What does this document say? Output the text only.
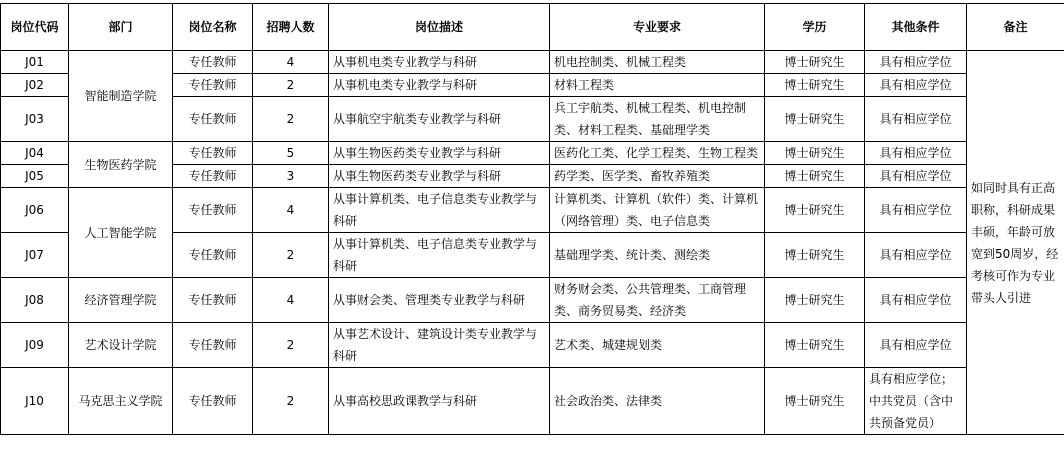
岗位代码	部门	岗位名称	招聘人数	岗位描述	专业要求	学历	其他条件	备注
J01	智能制造学院	专任教师	4	从事机电类专业教学与科研	机电控制类、机械工程类	博士研究生	具有相应学位	如同时具有正高职称，科研成果丰硕，年龄可放宽到50周岁，经考核可作为专业带头人引进
J02		专任教师	2	从事机电类专业教学与科研	材料工程类	博士研究生	具有相应学位	
J03		专任教师	2	从事航空宇航类专业教学与科研	兵工宇航类、机械工程类、机电控制类、材料工程类、基础理学类	博士研究生	具有相应学位	
J04	生物医药学院	专任教师	5	从事生物医药类专业教学与科研	医药化工类、化学工程类、生物工程类	博士研究生	具有相应学位	
J05		专任教师	3	从事生物医药类专业教学与科研	药学类、医学类、畜牧养殖类	博士研究生	具有相应学位	
J06	人工智能学院	专任教师	4	从事计算机类、电子信息类专业教学与科研	计算机类、计算机（软件）类、计算机（网络管理）类、电子信息类	博士研究生	具有相应学位	
J07		专任教师	2	从事计算机类、电子信息类专业教学与科研	基础理学类、统计类、测绘类	博士研究生	具有相应学位	
J08	经济管理学院	专任教师	4	从事财会类、管理类专业教学与科研	财务财会类、公共管理类、工商管理类、商务贸易类、经济类	博士研究生	具有相应学位	
J09	艺术设计学院	专任教师	2	从事艺术设计、建筑设计类专业教学与科研	艺术类、城建规划类	博士研究生	具有相应学位	
J10	马克思主义学院	专任教师	2	从事高校思政课教学与科研	社会政治类、法律类	博士研究生	具有相应学位；中共党员（含中共预备党员）	
